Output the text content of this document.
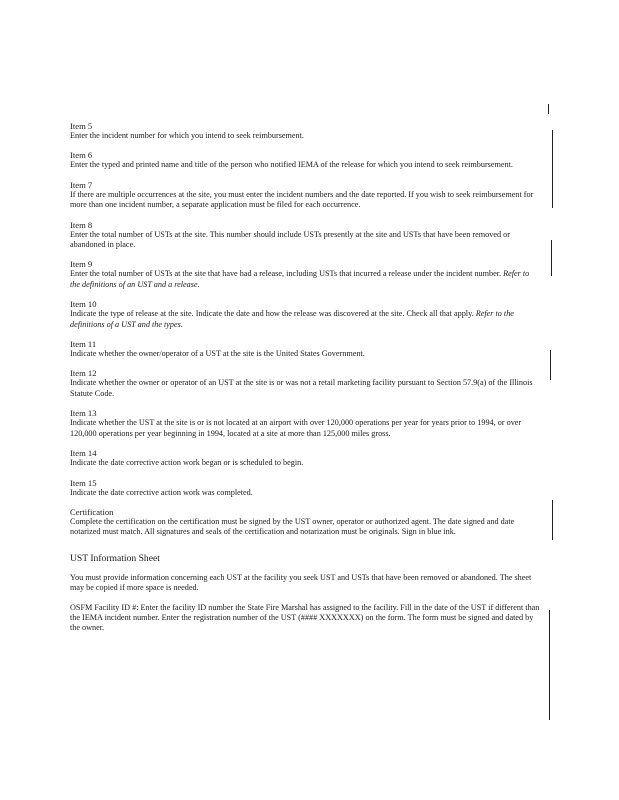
Item 5
Enter the incident number for which you intend to seek reimbursement.
Item 6
Enter the typed and printed name and title of the person who notified IEMA of the release for which you intend to seek reimbursement.
Item 7
If there are multiple occurrences at the site, you must enter the incident numbers and the date reported. If you wish to seek reimbursement for more than one incident number, a separate application must be filed for each occurrence.
Item 8
Enter the total number of USTs at the site. This number should include USTs presently at the site and USTs that have been removed or abandoned in place.
Item 9
Enter the total number of USTs at the site that have had a release, including USTs that incurred a release under the incident number. Refer to the definitions of an UST and a release.
Item 10
Indicate the type of release at the site. Indicate the date and how the release was discovered at the site. Check all that apply. Refer to the definitions of a UST and the types.
Item 11
Indicate whether the owner/operator of a UST at the site is the United States Government.
Item 12
Indicate whether the owner or operator of an UST at the site is or was not a retail marketing facility pursuant to Section 57.9(a) of the Illinois Statute Code.
Item 13
Indicate whether the UST at the site is or is not located at an airport with over 120,000 operations per year for years prior to 1994, or over 120,000 operations per year beginning in 1994, located at a site at more than 125,000 miles gross.
Item 14
Indicate the date corrective action work began or is scheduled to begin.
Item 15
Indicate the date corrective action work was completed.
Certification
Complete the certification on the certification must be signed by the UST owner, operator or authorized agent. The date signed and date notarized must match. All signatures and seals of the certification and notarization must be originals. Sign in blue ink.
UST Information Sheet
You must provide information concerning each UST at the facility you seek UST and USTs that have been removed or abandoned. The sheet may be copied if more space is needed.
OSFM Facility ID #: Enter the facility ID number the State Fire Marshal has assigned to the facility. Fill in the date of the UST if different than the IEMA incident number. Enter the registration number of the UST (#### XXXXXXX) on the form. The form must be signed and dated by the owner.
